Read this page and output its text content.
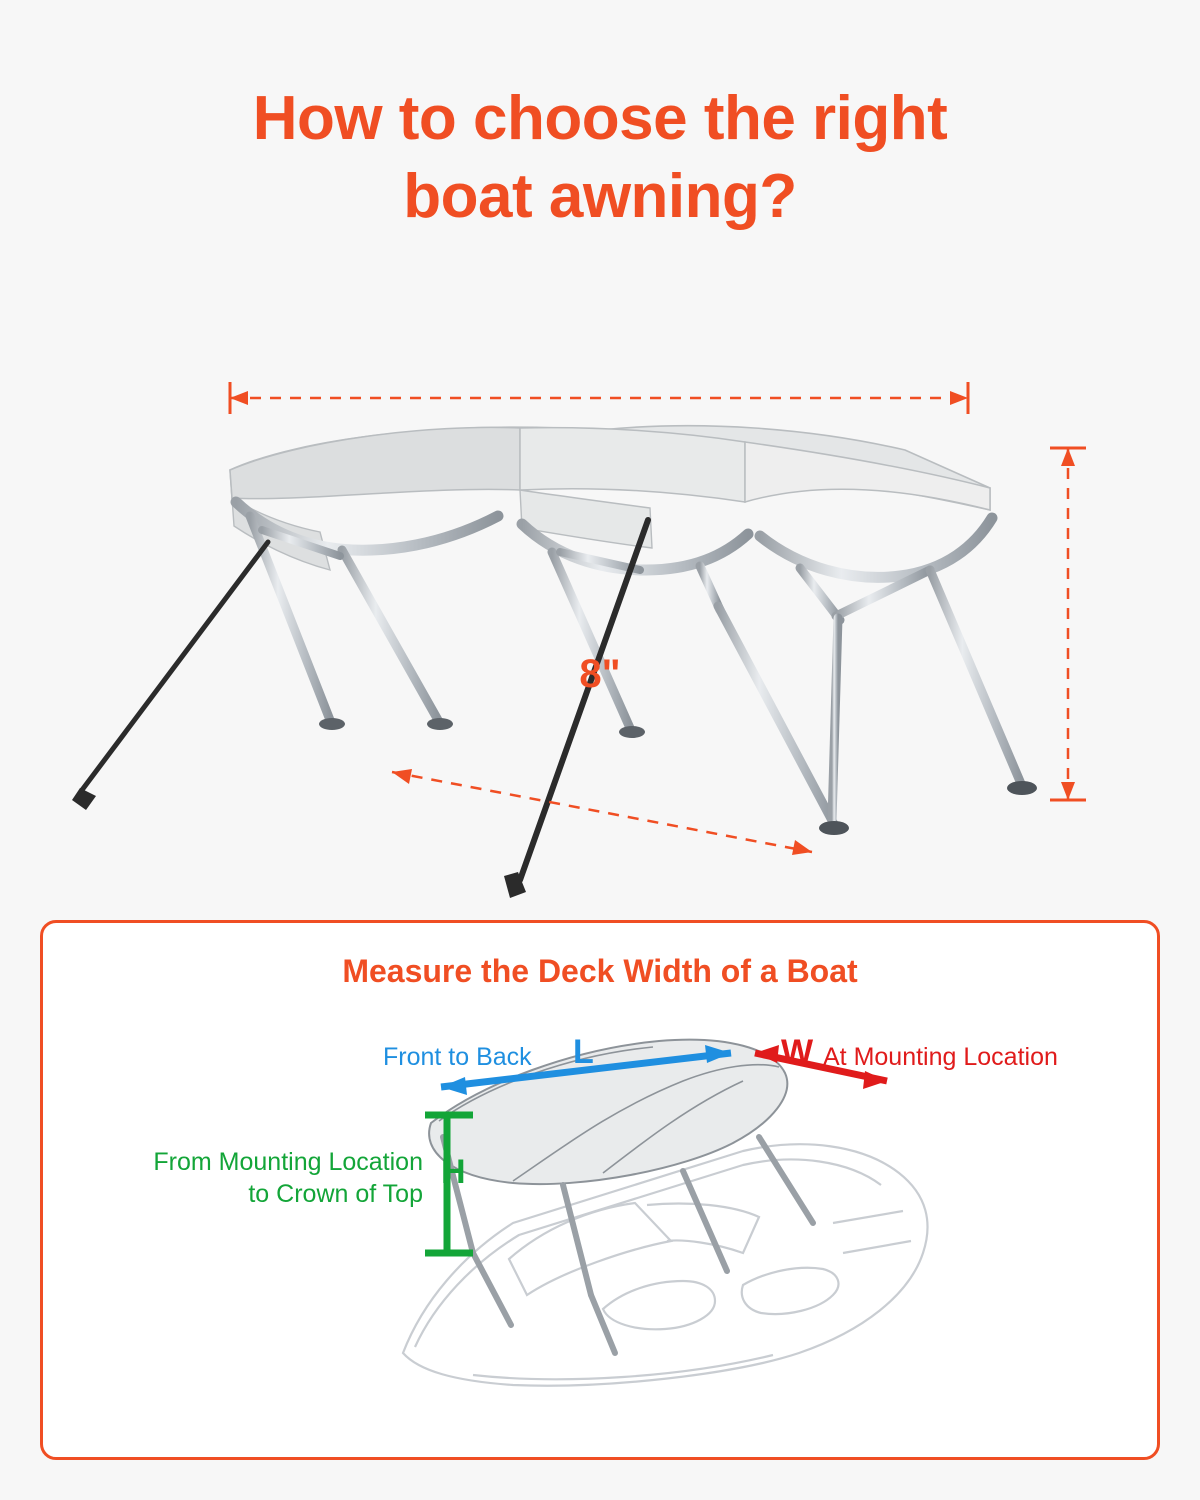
How to choose the right
boat awning?
8"
Measure the Deck Width of a Boat
Front to Back L	W At Mounting Location
From Mounting Location
to Crown of Top
H
